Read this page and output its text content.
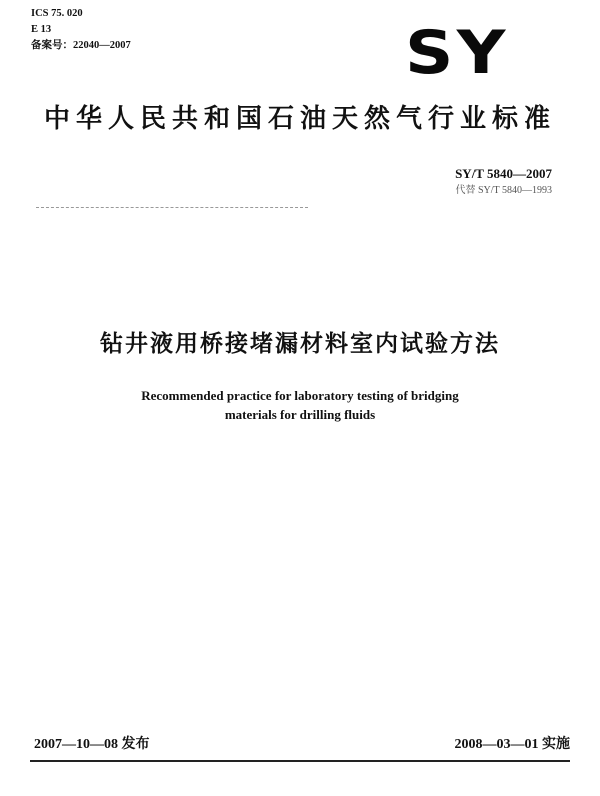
ICS 75. 020
E 13
备案号：22040—2007	SY
中华人民共和国石油天然气行业标准
SY/T 5840—2007
代替 SY/T 5840—1993
钻井液用桥接堵漏材料室内试验方法
Recommended practice for laboratory testing of bridging
materials for drilling fluids
2007—10—08 发布	2008—03—01 实施
